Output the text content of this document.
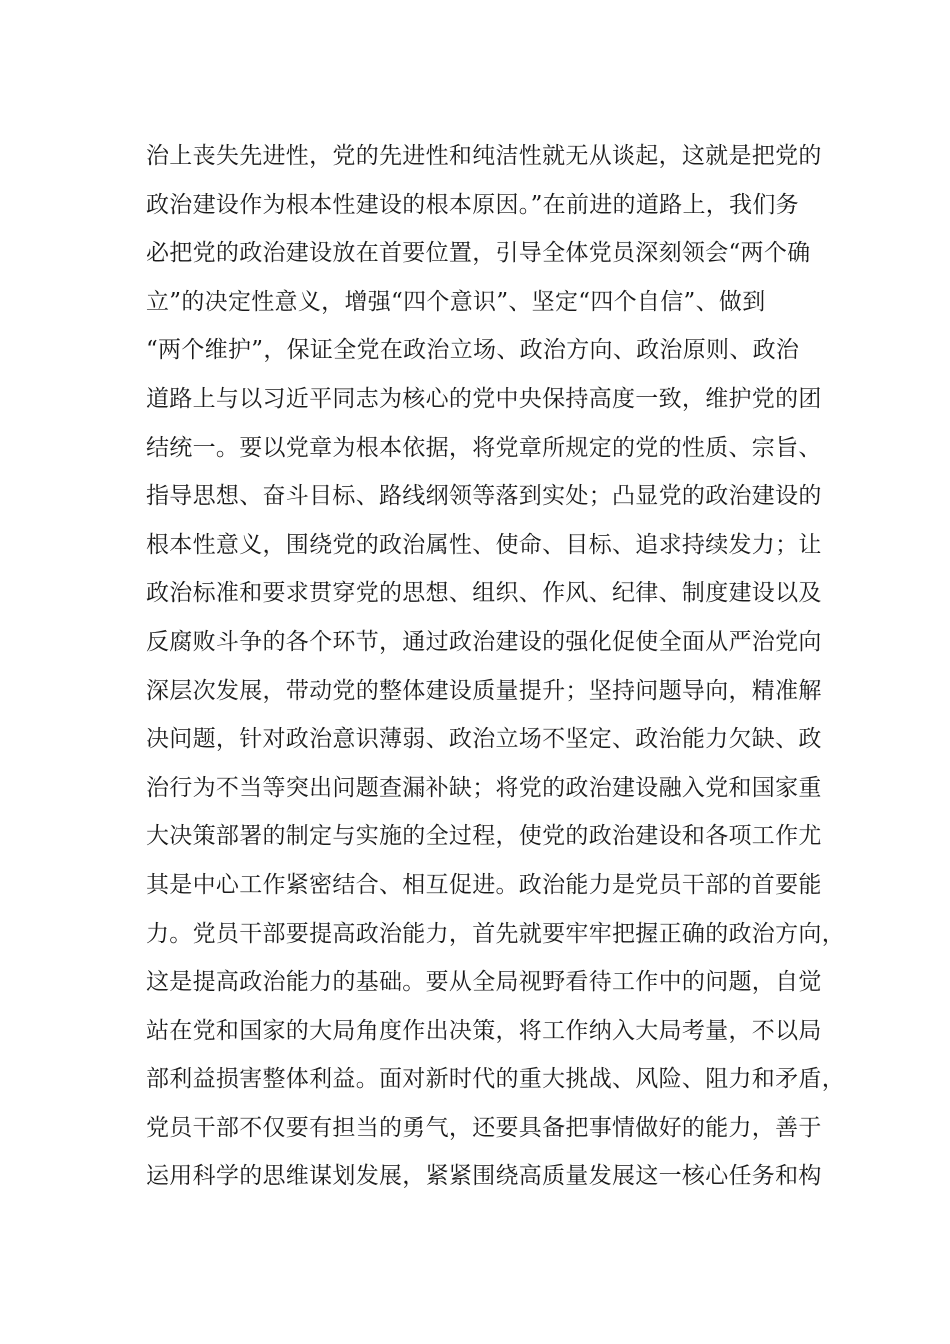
治上丧失先进性，党的先进性和纯洁性就无从谈起，这就是把党的
政治建设作为根本性建设的根本原因。”在前进的道路上，我们务
必把党的政治建设放在首要位置，引导全体党员深刻领会“两个确
立”的决定性意义，增强“四个意识”、坚定“四个自信”、做到
“两个维护”，保证全党在政治立场、政治方向、政治原则、政治
道路上与以习近平同志为核心的党中央保持高度一致，维护党的团
结统一。要以党章为根本依据，将党章所规定的党的性质、宗旨、
指导思想、奋斗目标、路线纲领等落到实处；凸显党的政治建设的
根本性意义，围绕党的政治属性、使命、目标、追求持续发力；让
政治标准和要求贯穿党的思想、组织、作风、纪律、制度建设以及
反腐败斗争的各个环节，通过政治建设的强化促使全面从严治党向
深层次发展，带动党的整体建设质量提升；坚持问题导向，精准解
决问题，针对政治意识薄弱、政治立场不坚定、政治能力欠缺、政
治行为不当等突出问题查漏补缺；将党的政治建设融入党和国家重
大决策部署的制定与实施的全过程，使党的政治建设和各项工作尤
其是中心工作紧密结合、相互促进。政治能力是党员干部的首要能
力。党员干部要提高政治能力，首先就要牢牢把握正确的政治方向，
这是提高政治能力的基础。要从全局视野看待工作中的问题，自觉
站在党和国家的大局角度作出决策，将工作纳入大局考量，不以局
部利益损害整体利益。面对新时代的重大挑战、风险、阻力和矛盾，
党员干部不仅要有担当的勇气，还要具备把事情做好的能力，善于
运用科学的思维谋划发展，紧紧围绕高质量发展这一核心任务和构
